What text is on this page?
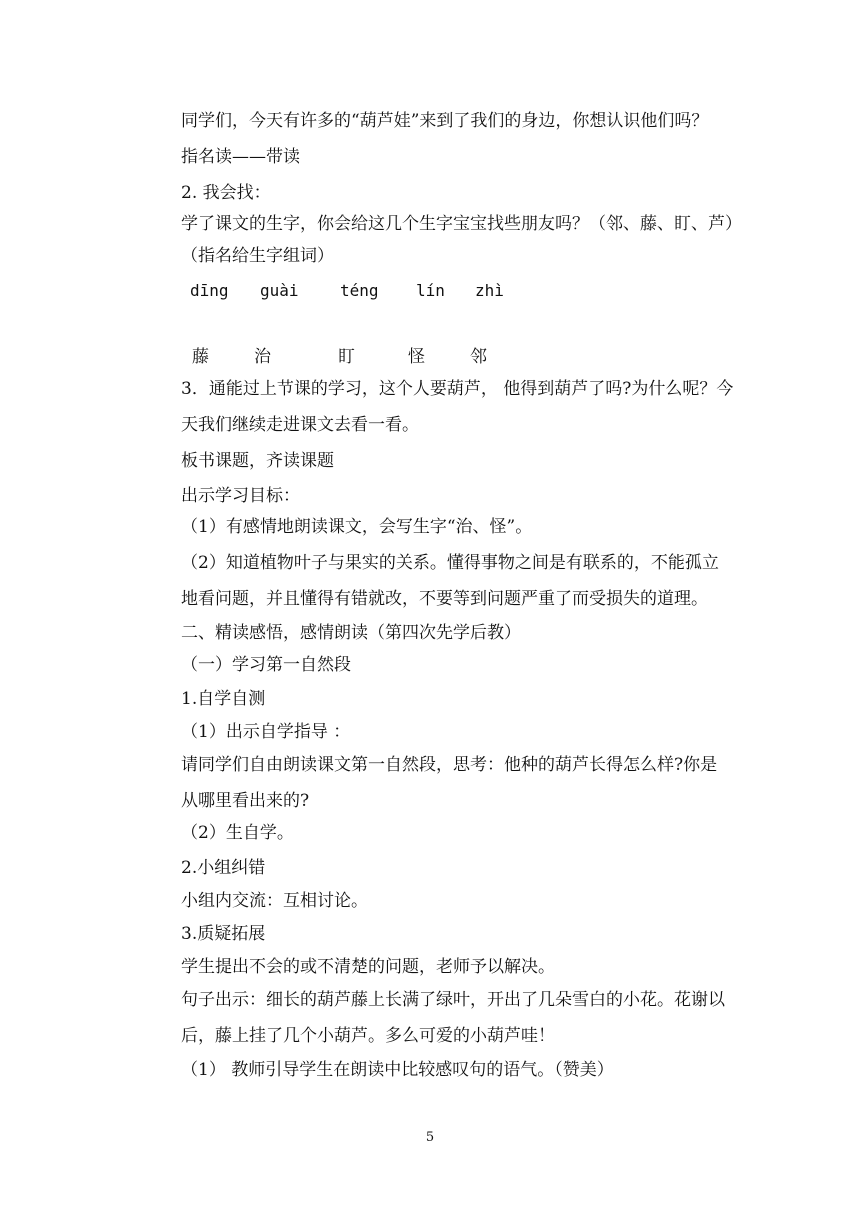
同学们，今天有许多的“葫芦娃”来到了我们的身边，你想认识他们吗？
指名读——带读
2. 我会找：
学了课文的生字，你会给这几个生字宝宝找些朋友吗？（邻、藤、盯、芦）
（指名给生字组词）
dīng guài	téng lín zhì
藤	治	盯	怪	邻
3．通能过上节课的学习，这个人要葫芦， 他得到葫芦了吗?为什么呢？今
天我们继续走进课文去看一看。
板书课题，齐读课题
出示学习目标：
（1）有感情地朗读课文，会写生字“治、怪”。
（2）知道植物叶子与果实的关系。懂得事物之间是有联系的，不能孤立
地看问题，并且懂得有错就改，不要等到问题严重了而受损失的道理。
二、精读感悟，感情朗读（第四次先学后教）
（一）学习第一自然段
1.自学自测
（1）出示自学指导 ：
请同学们自由朗读课文第一自然段，思考：他种的葫芦长得怎么样?你是
从哪里看出来的?
（2）生自学。
2.小组纠错
小组内交流：互相讨论。
3.质疑拓展
学生提出不会的或不清楚的问题，老师予以解决。
句子出示：细长的葫芦藤上长满了绿叶，开出了几朵雪白的小花。花谢以
后，藤上挂了几个小葫芦。多么可爱的小葫芦哇！
（1） 教师引导学生在朗读中比较感叹句的语气。（赞美）
5
